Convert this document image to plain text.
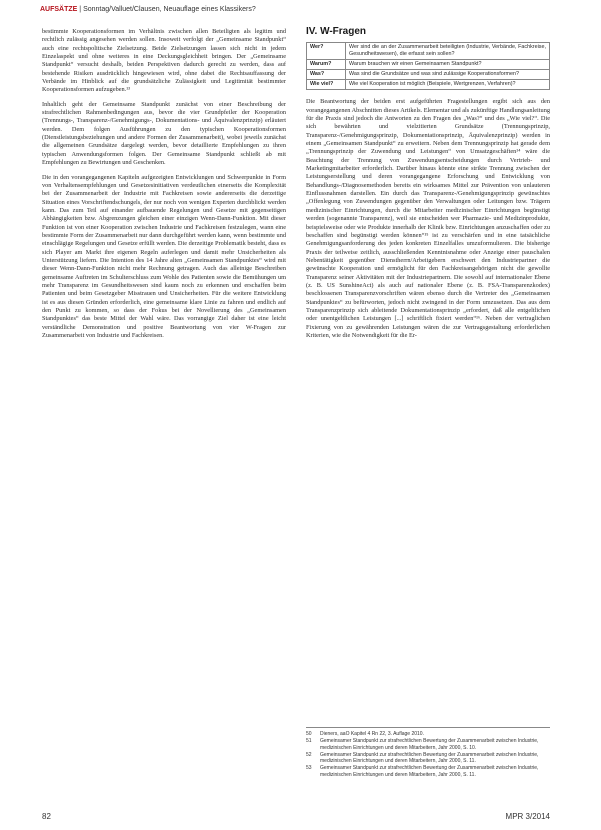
AUFSÄTZE | Sonntag/Valluet/Clausen, Neuauflage eines Klassikers?

bestimmte Kooperationsformen im Verhältnis zwischen allen Beteiligten als legitim und rechtlich zulässig angesehen werden sollen. Insoweit verfolgt der „Gemeinsame Standpunkt“ auch eine rechtspolitische Zielsetzung. Beide Zielsetzungen lassen sich nicht in jedem Einzelaspekt und ohne weiteres in eine Deckungsgleichheit bringen. Der „Gemeinsame Standpunkt“ versucht deshalb, beiden Perspektiven dadurch gerecht zu werden, dass auf bestehende Risiken ausdrücklich hingewiesen wird, ohne dabei die Rechtsauffassung der Verbände im Hinblick auf die grundsätzliche Zulässigkeit und Legitimität bestimmter Kooperationsformen aufzugeben.¹³

Inhaltlich geht der Gemeinsame Standpunkt zunächst von einer Beschreibung der strafrechtlichen Rahmenbedingungen aus, bevor die vier Grundpfeiler der Kooperation (Trennungs-, Transparenz-/Genehmigungs-, Dokumentations- und Äquivalenzprinzip) erläutert werden. Dem folgen Ausführungen zu den typischen Kooperationsformen (Dienstleistungsbeziehungen und andere Formen der Zusammenarbeit), wobei jeweils zunächst die allgemeinen Grundsätze dargelegt werden, bevor detaillierte Empfehlungen zu ihren typischen Anwendungsformen folgen. Der Gemeinsame Standpunkt schließt ab mit Empfehlungen zu Bewirtungen und Geschenken.

Die in den vorangegangenen Kapiteln aufgezeigten Entwicklungen und Schwerpunkte in Form von Verhaltensempfehlungen und Gesetzesinitiativen verdeutlichen einerseits die Komplexität bei der Zusammenarbeit der Industrie mit Fachkreisen sowie andererseits die derzeitige Situation eines Vorschriftendschungels, der nur noch von wenigen Experten durchblickt werden kann. Das zum Teil auf einander aufbauende Regelungen und Gesetze mit gegenseitigen Abhängigkeiten bzw. Abgrenzungen gleichen einer einzigen Wenn-Dann-Funktion. Mit dieser Funktion ist von einer Kooperation zwischen Industrie und Fachkreisen festzulegen, wann eine bestimmte Form der Zusammenarbeit nur dann durchgeführt werden kann, wenn bestimmte und einschlägige Regelungen und Gesetze erfüllt werden. Die derzeitige Problematik besteht, dass es sich Player am Markt ihre eigenen Regeln auferlegen und damit mehr Unsicherheiten als Unterstützung liefern. Die Intention des 14 Jahre alten „Gemeinsamen Standpunktes“ wird mit dieser Wenn-Dann-Funktion nicht mehr Rechnung getragen. Auch das alleinige Beschreiben gemeinsame Auftreten im Schulterschluss zum Wohle des Patienten sowie die Bemühungen um mehr Transparenz im Gesundheitswesen sind kaum noch zu erkennen und erschaffen beim Patienten und beim Gesetzgeber Misstrauen und Unsicherheiten. Für die weitere Entwicklung ist es aus diesen Gründen erforderlich, eine gemeinsame klare Linie zu fahren und endlich auf den Punkt zu kommen, so dass der Fokus bei der Novellierung des „Gemeinsamen Standpunktes“ das beste Mittel der Wahl wäre. Das vorrangige Ziel daher ist eine leicht verständliche Demonstration und positive Beantwortung von vier W-Fragen zur Zusammenarbeit von Industrie und Fachkreisen.

IV. W-Fragen
Wer?	Wer sind die an der Zusammenarbeit beteiligten (Industrie, Verbände, Fachkreise, Gesundheitswesen), die erfasst sein sollen?
Warum?	Warum brauchen wir einen Gemeinsamen Standpunkt?
Was?	Was sind die Grundsätze und was sind zulässige Kooperationsformen?
Wie viel?	Wie viel Kooperation ist möglich (Beispiele, Wertgrenzen, Verfahren)?

Die Beantwortung der beiden erst aufgeführten Fragestellungen ergibt sich aus den vorangegangenen Abschnitten dieses Artikels. Elementar und als zukünftige Handlungsanleitung für die Praxis sind jedoch die Antworten zu den Fragen des „Was?“ und des „Wie viel?“. Die sich bewährten und vielzitierten Grundsätze (Trennungsprinzip, Transparenz-/Genehmigungsprinzip, Dokumentationsprinzip, Äquivalenzprinzip) werden in einem „Gemeinsamen Standpunkt“ zu erweitern. Neben dem Trennungsprinzip hat gerade dem „Trennungsprinzip der Zuwendung und Leistungen“ von Umsatzgeschäften¹⁴ wäre die Beachtung der Trennung von Zuwendungsentscheidungen durch Vertrieb- und Marketingmitarbeiter erforderlich. Darüber hinaus könnte eine strikte Trennung zwischen der Leistungserstellung und deren vorangegangene Erforschung und Entwicklung von Behandlungs-/Diagnosemethoden bereits ein wirksames Mittel zur Prävention von unlauteren Einflussnahmen darstellen. Ein durch das Transparenz-/Genehmigungsprinzip gewünschtes „Offenlegung von Zuwendungen gegenüber den Verwaltungen oder Leitungen bzw. Trägern medizinischer Einrichtungen, durch die Mitarbeiter medizinischer Einrichtungen begünstigt werden (sogenannte Transparenz), weil sie entscheiden wer Pharmazie- und Medizinprodukte, beispielsweise oder wie Produkte innerhalb der Klinik bzw. Einrichtungen anzuschaffen oder zu beschaffen sind begünstigt werden können“¹⁵ ist zu verschärfen und in eine tatsächliche Genehmigungsanforderung des jeden konkreten Einzelfalles umzuformulieren. Die bisherige Praxis der teilweise zeitlich, ausschließenden Kenntnisnahme oder Anzeige einer pauschalen Nebentätigkeit gegenüber Dienstherrn/Arbeitgebern erschwert den Industriepartner die gewünschte Kooperation und ermöglicht für den Fachkreisangehörigen nicht die gewollte Transparenz seiner Aktivitäten mit der Industriepartnern. Die sowohl auf internationaler Ebene (z. B. US SunshineAct) als auch auf nationaler Ebene (z. B. FSA-Transparenzkodex) beschlossenen Transparenzvorschriften wären ebenso durch die Vertreter des „Gemeinsamen Standpunktes“ zu befürworten, jedoch nicht zwingend in der Form umzusetzen. Das aus dem Transparenzprinzip sich ableitende Dokumentationsprinzip „erfordert, daß alle entgeltlichen oder unentgeltlichen Leistungen [...] schriftlich fixiert werden“¹⁶. Neben der vertraglichen Fixierung von zu gewährenden Leistungen wären die zur Vertragsgestaltung erforderlichen Kriterien, wie die Notwendigkeit für die Er-

50	Dieners, aaO Kapitel 4 Rn 22, 3. Auflage 2010.
51	Gemeinsamer Standpunkt zur strafrechtlichen Bewertung der Zusammenarbeit zwischen Industrie, medizinischen Einrichtungen und deren Mitarbeitern, Jahr 2000, S. 10.
52	Gemeinsamer Standpunkt zur strafrechtlichen Bewertung der Zusammenarbeit zwischen Industrie, medizinischen Einrichtungen und deren Mitarbeitern, Jahr 2000, S. 11.
53	Gemeinsamer Standpunkt zur strafrechtlichen Bewertung der Zusammenarbeit zwischen Industrie, medizinischen Einrichtungen und deren Mitarbeitern, Jahr 2000, S. 11.
82	MPR 3/2014
